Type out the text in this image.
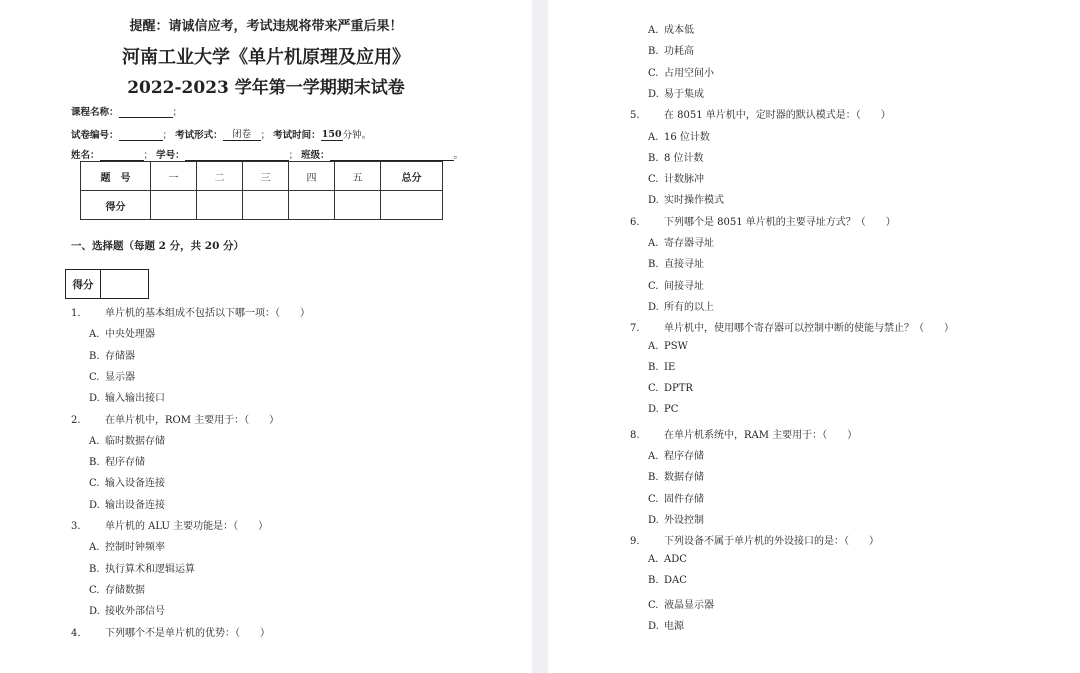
提醒：请诚信应考，考试违规将带来严重后果！
河南工业大学《单片机原理及应用》
2022-2023 学年第一学期期末试卷
课程名称：	；
试卷编号：	； 考试形式： 闭卷 ； 考试时间：150分钟。
姓名：	； 学号：	； 班级：	。
题　号	一	二	三	四	五	总分
得分						
一、选择题（每题 2 分，共 20 分）
得分
1. 单片机的基本组成不包括以下哪一项：（　　）
A. 中央处理器
B. 存储器
C. 显示器
D. 输入输出接口
2. 在单片机中，ROM 主要用于：（　　）
A. 临时数据存储
B. 程序存储
C. 输入设备连接
D. 输出设备连接
3. 单片机的 ALU 主要功能是：（　　）
A. 控制时钟频率
B. 执行算术和逻辑运算
C. 存储数据
D. 接收外部信号
4. 下列哪个不是单片机的优势：（　　）
A. 成本低
B. 功耗高
C. 占用空间小
D. 易于集成
5. 在 8051 单片机中，定时器的默认模式是：（　　）
A. 16 位计数
B. 8 位计数
C. 计数脉冲
D. 实时操作模式
6. 下列哪个是 8051 单片机的主要寻址方式？（　　）
A. 寄存器寻址
B. 直接寻址
C. 间接寻址
D. 所有的以上
7. 单片机中，使用哪个寄存器可以控制中断的使能与禁止？（　　）
A. PSW
B. IE
C. DPTR
D. PC
8. 在单片机系统中，RAM 主要用于：（　　）
A. 程序存储
B. 数据存储
C. 固件存储
D. 外设控制
9. 下列设备不属于单片机的外设接口的是：（　　）
A. ADC
B. DAC
C. 液晶显示器
D. 电源
